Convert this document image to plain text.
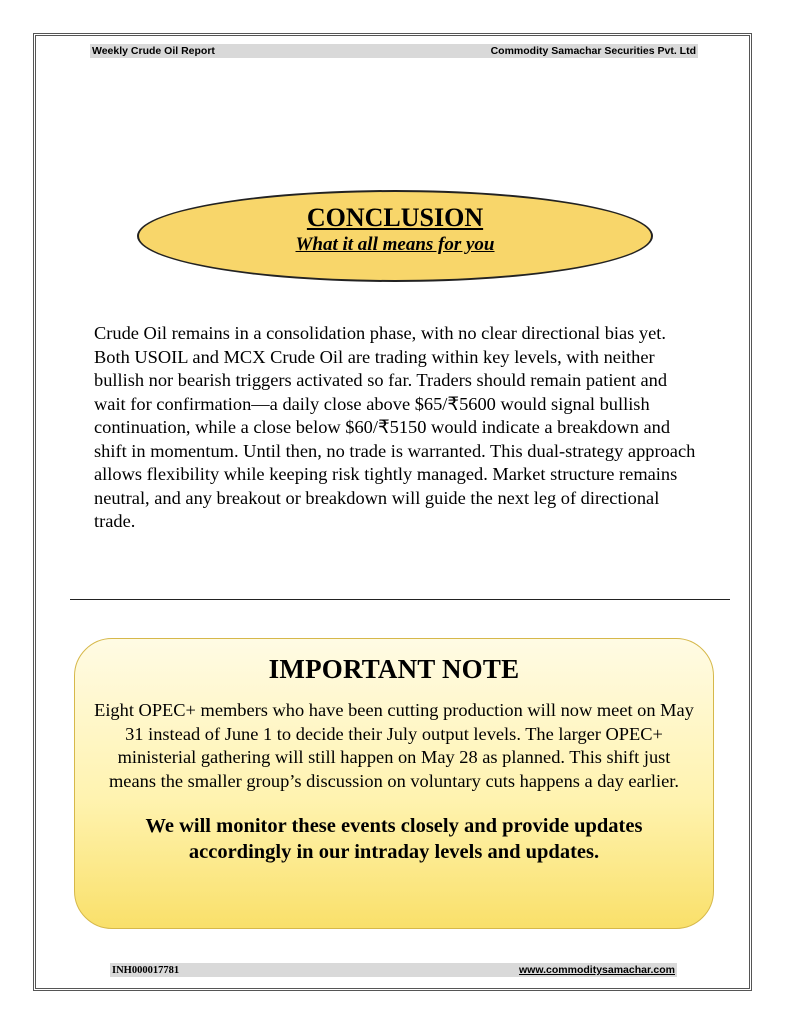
Weekly Crude Oil Report	Commodity Samachar Securities Pvt. Ltd
CONCLUSION
What it all means for you

Crude Oil remains in a consolidation phase, with no clear directional bias yet. Both USOIL and MCX Crude Oil are trading within key levels, with neither bullish nor bearish triggers activated so far. Traders should remain patient and wait for confirmation—a daily close above $65/₹5600 would signal bullish continuation, while a close below $60/₹5150 would indicate a breakdown and shift in momentum. Until then, no trade is warranted. This dual-strategy approach allows flexibility while keeping risk tightly managed. Market structure remains neutral, and any breakout or breakdown will guide the next leg of directional trade.

IMPORTANT NOTE
Eight OPEC+ members who have been cutting production will now meet on May 31 instead of June 1 to decide their July output levels. The larger OPEC+ ministerial gathering will still happen on May 28 as planned. This shift just means the smaller group’s discussion on voluntary cuts happens a day earlier.
We will monitor these events closely and provide updates accordingly in our intraday levels and updates.
INH000017781	www.commoditysamachar.com
